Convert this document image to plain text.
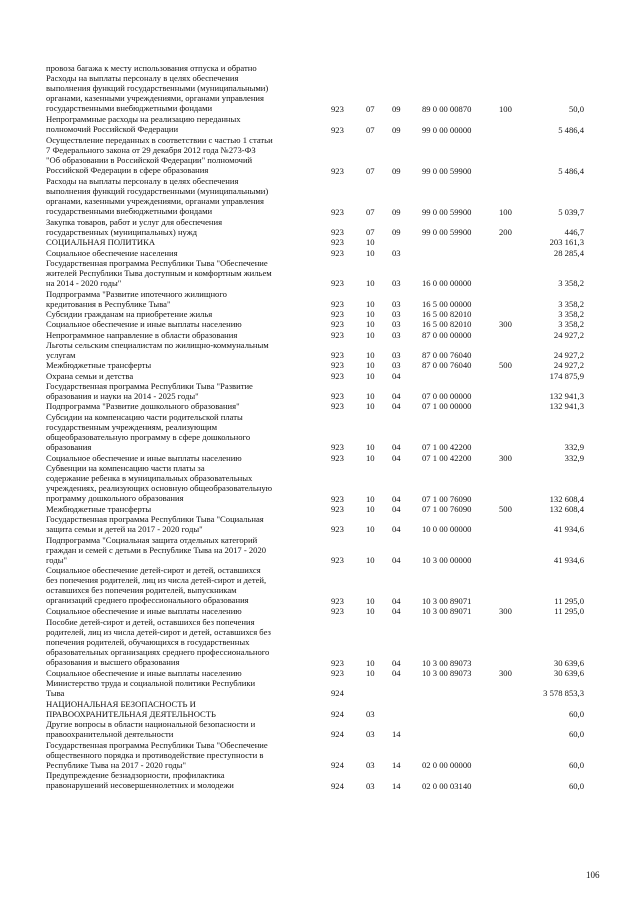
провоза багажа к месту использования отпуска и обратно
Расходы на выплаты персоналу в целях обеспечения
выполнения функций государственными (муниципальными)
органами, казенными учреждениями, органами управления
государственными внебюджетными фондами	923	07 09 89 0 00 00870	100	50,0
Непрограммные расходы на реализацию переданных
полномочий Российской Федерации	923	07 09 99 0 00 00000	5 486,4
Осуществление переданных в соответствии с частью 1 статьи
7 Федерального закона от 29 декабря 2012 года №273-ФЗ
"Об образовании в Российской Федерации" полномочий
Российской Федерации в сфере образования	923	07 09 99 0 00 59900	5 486,4
Расходы на выплаты персоналу в целях обеспечения
выполнения функций государственными (муниципальными)
органами, казенными учреждениями, органами управления
государственными внебюджетными фондами	923	07 09 99 0 00 59900	100	5 039,7
Закупка товаров, работ и услуг для обеспечения
государственных (муниципальных) нужд	923	07 09 99 0 00 59900	200	446,7
СОЦИАЛЬНАЯ ПОЛИТИКА	923	10	203 161,3
Социальное обеспечение населения	923	10 03	28 285,4
Государственная программа Республики Тыва "Обеспечение
жителей Республики Тыва доступным и комфортным жильем
на 2014 - 2020 годы"	923	10 03 16 0 00 00000	3 358,2
Подпрограмма "Развитие ипотечного жилищного
кредитования в Республике Тыва"	923	10 03 16 5 00 00000	3 358,2
Субсидии гражданам на приобретение жилья	923	10 03 16 5 00 82010	3 358,2
Социальное обеспечение и иные выплаты населению	923	10 03 16 5 00 82010	300	3 358,2
Непрограммное направление в области образования	923	10 03 87 0 00 00000	24 927,2
Льготы сельским специалистам по жилищно-коммунальным
услугам	923	10 03 87 0 00 76040	24 927,2
Межбюджетные трансферты	923	10 03 87 0 00 76040	500	24 927,2
Охрана семьи и детства	923	10 04	174 875,9
Государственная программа Республики Тыва "Развитие
образования и науки на 2014 - 2025 годы"	923	10 04 07 0 00 00000	132 941,3
Подпрограмма "Развитие дошкольного образования"	923	10 04 07 1 00 00000	132 941,3
Субсидии на компенсацию части родительской платы
государственным учреждениям, реализующим
общеобразовательную программу в сфере дошкольного
образования	923	10 04 07 1 00 42200	332,9
Социальное обеспечение и иные выплаты населению	923	10 04 07 1 00 42200	300	332,9
Субвенции на компенсацию части платы за
содержание ребенка в муниципальных образовательных
учреждениях, реализующих основную общеобразовательную
программу дошкольного образования	923	10 04 07 1 00 76090	132 608,4
Межбюджетные трансферты	923	10 04 07 1 00 76090	500	132 608,4
Государственная программа Республики Тыва "Социальная
защита семьи и детей на 2017 - 2020 годы"	923	10 04 10 0 00 00000	41 934,6
Подпрограмма "Социальная защита отдельных категорий
граждан и семей с детьми в Республике Тыва на 2017 - 2020
годы"	923	10 04 10 3 00 00000	41 934,6
Социальное обеспечение детей-сирот и детей, оставшихся
без попечения родителей, лиц из числа детей-сирот и детей,
оставшихся без попечения родителей, выпускникам
организаций среднего профессионального образования	923	10 04 10 3 00 89071	11 295,0
Социальное обеспечение и иные выплаты населению	923	10 04 10 3 00 89071	300	11 295,0
Пособие детей-сирот и детей, оставшихся без попечения
родителей, лиц из числа детей-сирот и детей, оставшихся без
попечения родителей, обучающихся в государственных
образовательных организациях среднего профессионального
образования и высшего образования	923	10 04 10 3 00 89073	30 639,6
Социальное обеспечение и иные выплаты населению	923	10 04 10 3 00 89073	300	30 639,6
Министерство труда и социальной политики Республики
Тыва	924	3 578 853,3
НАЦИОНАЛЬНАЯ БЕЗОПАСНОСТЬ И
ПРАВООХРАНИТЕЛЬНАЯ ДЕЯТЕЛЬНОСТЬ	924	03	60,0
Другие вопросы в области национальной безопасности и
правоохранительной деятельности	924	03 14	60,0
Государственная программа Республики Тыва "Обеспечение
общественного порядка и противодействие преступности в
Республике Тыва на 2017 - 2020 годы"	924	03 14 02 0 00 00000	60,0
Предупреждение безнадзорности, профилактика
правонарушений несовершеннолетних и молодежи	924	03 14 02 0 00 03140	60,0
106
